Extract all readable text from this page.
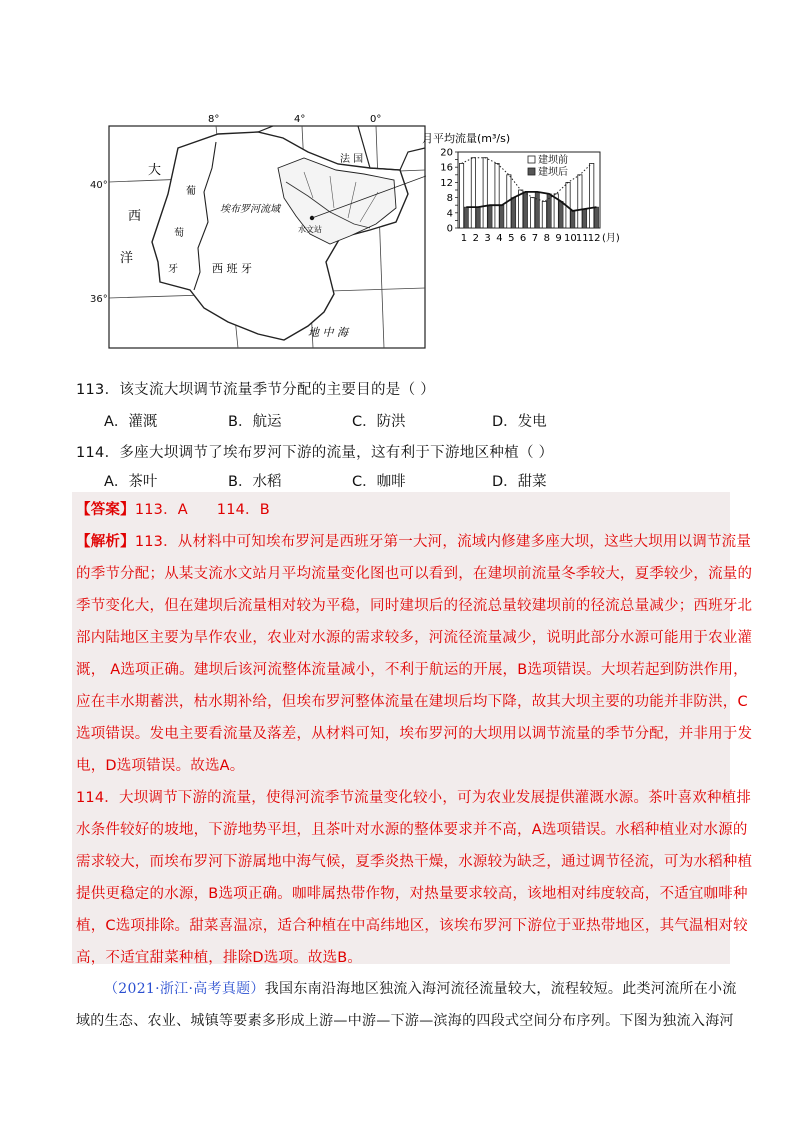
8°	4°	0°
大
西
洋
葡
萄
牙	西 班 牙
法 国
地 中 海
埃布罗河流域
水文站
40°
36°
月平均流量(m³/s)
0
4
8
12
16
20
1 2 3 4 5 6 7 8 9 10 11 12 (月)
建坝前
建坝后
113．该支流大坝调节流量季节分配的主要目的是（ ）
A．灌溉	B．航运	C．防洪	D．发电
114．多座大坝调节了埃布罗河下游的流量，这有利于下游地区种植（ ）
A．茶叶	B．水稻	C．咖啡	D．甜菜
【答案】113．A      114．B
【解析】113．从材料中可知埃布罗河是西班牙第一大河，流域内修建多座大坝，这些大坝用以调节流量
的季节分配；从某支流水文站月平均流量变化图也可以看到，在建坝前流量冬季较大，夏季较少，流量的
季节变化大，但在建坝后流量相对较为平稳，同时建坝后的径流总量较建坝前的径流总量减少；西班牙北
部内陆地区主要为旱作农业，农业对水源的需求较多，河流径流量减少，说明此部分水源可能用于农业灌
溉， A选项正确。建坝后该河流整体流量减小，不利于航运的开展，B选项错误。大坝若起到防洪作用，
应在丰水期蓄洪，枯水期补给，但埃布罗河整体流量在建坝后均下降，故其大坝主要的功能并非防洪，C
选项错误。发电主要看流量及落差，从材料可知，埃布罗河的大坝用以调节流量的季节分配，并非用于发
电，D选项错误。故选A。
114．大坝调节下游的流量，使得河流季节流量变化较小，可为农业发展提供灌溉水源。茶叶喜欢种植排
水条件较好的坡地，下游地势平坦，且茶叶对水源的整体要求并不高，A选项错误。水稻种植业对水源的
需求较大，而埃布罗河下游属地中海气候，夏季炎热干燥，水源较为缺乏，通过调节径流，可为水稻种植
提供更稳定的水源，B选项正确。咖啡属热带作物，对热量要求较高，该地相对纬度较高，不适宜咖啡种
植，C选项排除。甜菜喜温凉，适合种植在中高纬地区，该埃布罗河下游位于亚热带地区，其气温相对较
高，不适宜甜菜种植，排除D选项。故选B。
（2021·浙江·高考真题）我国东南沿海地区独流入海河流径流量较大，流程较短。此类河流所在小流
域的生态、农业、城镇等要素多形成上游—中游—下游—滨海的四段式空间分布序列。下图为独流入海河
